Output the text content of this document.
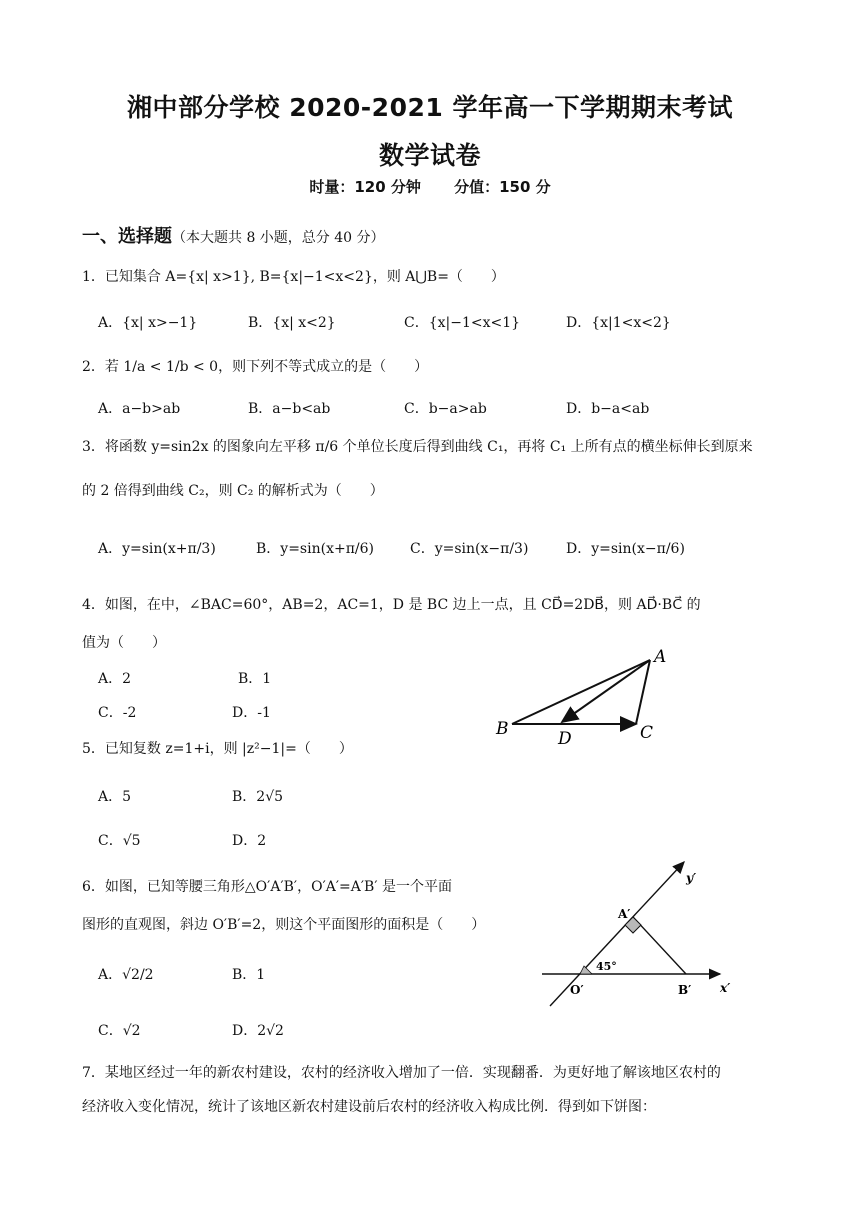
湘中部分学校 2020-2021 学年高一下学期期末考试
数学试卷
时量：120 分钟 分值：150 分
一、选择题（本大题共 8 小题，总分 40 分）
1．已知集合 A={x| x>1}, B={x|−1<x<2}，则 A⋃B=（　　）
A．{x| x>−1}	B．{x| x<2}	C．{x|−1<x<1}	D．{x|1<x<2}
2．若 1/a < 1/b < 0，则下列不等式成立的是（　　）
A．a−b>ab	B．a−b<ab	C．b−a>ab	D．b−a<ab
3．将函数 y=sin2x 的图象向左平移 π/6 个单位长度后得到曲线 C₁，再将 C₁ 上所有点的横坐标伸长到原来
的 2 倍得到曲线 C₂，则 C₂ 的解析式为（　　）
A．y=sin(x+π/3)	B．y=sin(x+π/6)	C．y=sin(x−π/3)	D．y=sin(x−π/6)
4．如图，在中，∠BAC=60°，AB=2，AC=1，D 是 BC 边上一点，且 CD⃗=2DB⃗，则 AD⃗·BC⃗ 的
值为（　　）
A．2	B．1
C．-2	D．-1
A
B	C
D
5．已知复数 z=1+i，则 |z²−1|=（　　）
A．5	B．2√5
C．√5	D．2
6．如图，已知等腰三角形△O′A′B′，O′A′=A′B′ 是一个平面
图形的直观图，斜边 O′B′=2，则这个平面图形的面积是（　　）
A．√2/2	B．1
C．√2	D．2√2
y′
A′
45°
O′	B′ x′
7．某地区经过一年的新农村建设，农村的经济收入增加了一倍．实现翻番．为更好地了解该地区农村的
经济收入变化情况，统计了该地区新农村建设前后农村的经济收入构成比例．得到如下饼图：
